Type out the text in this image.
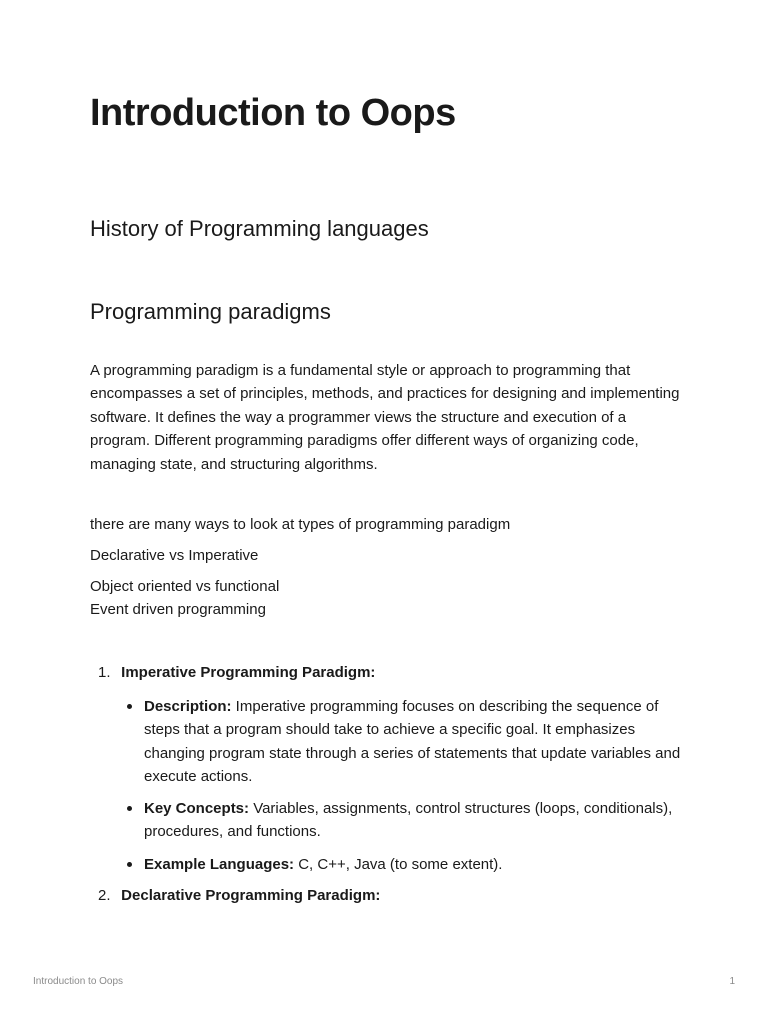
Introduction to Oops
History of Programming languages
Programming paradigms

A programming paradigm is a fundamental style or approach to programming that encompasses a set of principles, methods, and practices for designing and implementing software. It defines the way a programmer views the structure and execution of a program. Different programming paradigms offer different ways of organizing code, managing state, and structuring algorithms.

there are many ways to look at types of programming paradigm

Declarative vs Imperative

Object oriented vs functional

Event driven programming

1. Imperative Programming Paradigm:
Description: Imperative programming focuses on describing the sequence of steps that a program should take to achieve a specific goal. It emphasizes changing program state through a series of statements that update variables and execute actions.
Key Concepts: Variables, assignments, control structures (loops, conditionals), procedures, and functions.
Example Languages: C, C++, Java (to some extent).
2. Declarative Programming Paradigm:
Introduction to Oops	1
